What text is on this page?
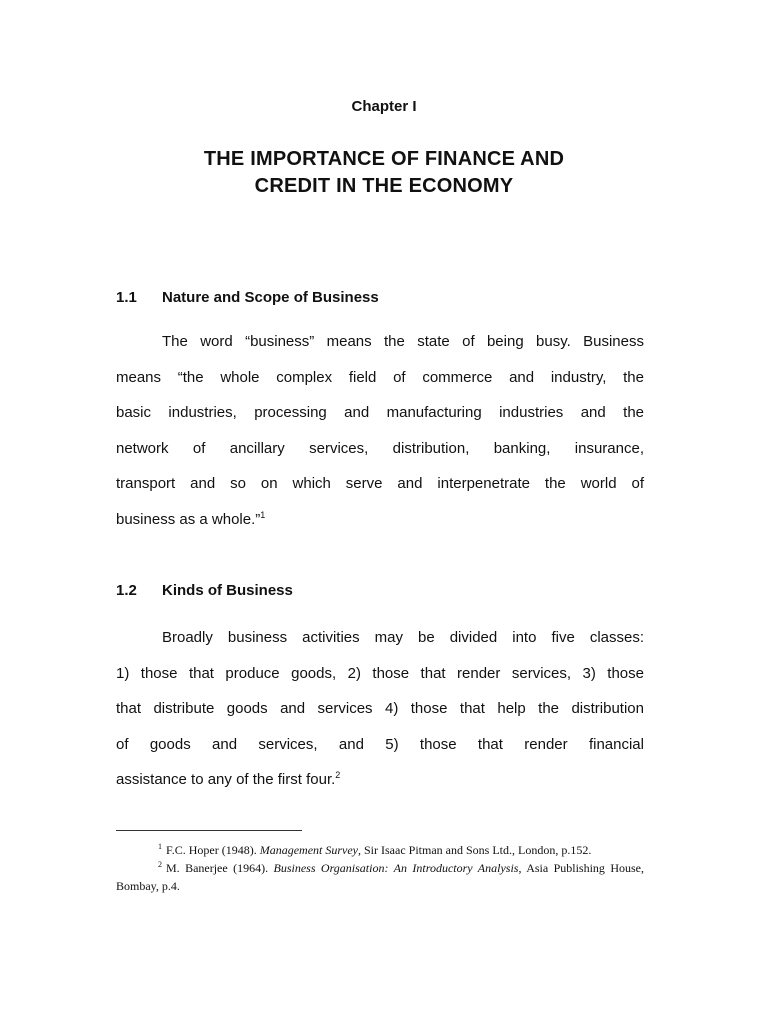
Chapter I
THE IMPORTANCE OF FINANCE AND
CREDIT IN THE ECONOMY
1.1 Nature and Scope of Business
The word “business” means the state of being busy. Business
means “the whole complex field of commerce and industry, the
basic industries, processing and manufacturing industries and the
network of ancillary services, distribution, banking, insurance,
transport and so on which serve and interpenetrate the world of
business as a whole.”$^1$
1.2 Kinds of Business
Broadly business activities may be divided into five classes:
1) those that produce goods, 2) those that render services, 3) those
that distribute goods and services 4) those that help the distribution
of goods and services, and 5) those that render financial
assistance to any of the first four.$^2$
$^1$ F.C. Hoper (1948). Management Survey, Sir Isaac Pitman and Sons Ltd., London, p.152.
$^2$ M. Banerjee (1964). Business Organisation: An Introductory Analysis, Asia Publishing House, Bombay, p.4.
